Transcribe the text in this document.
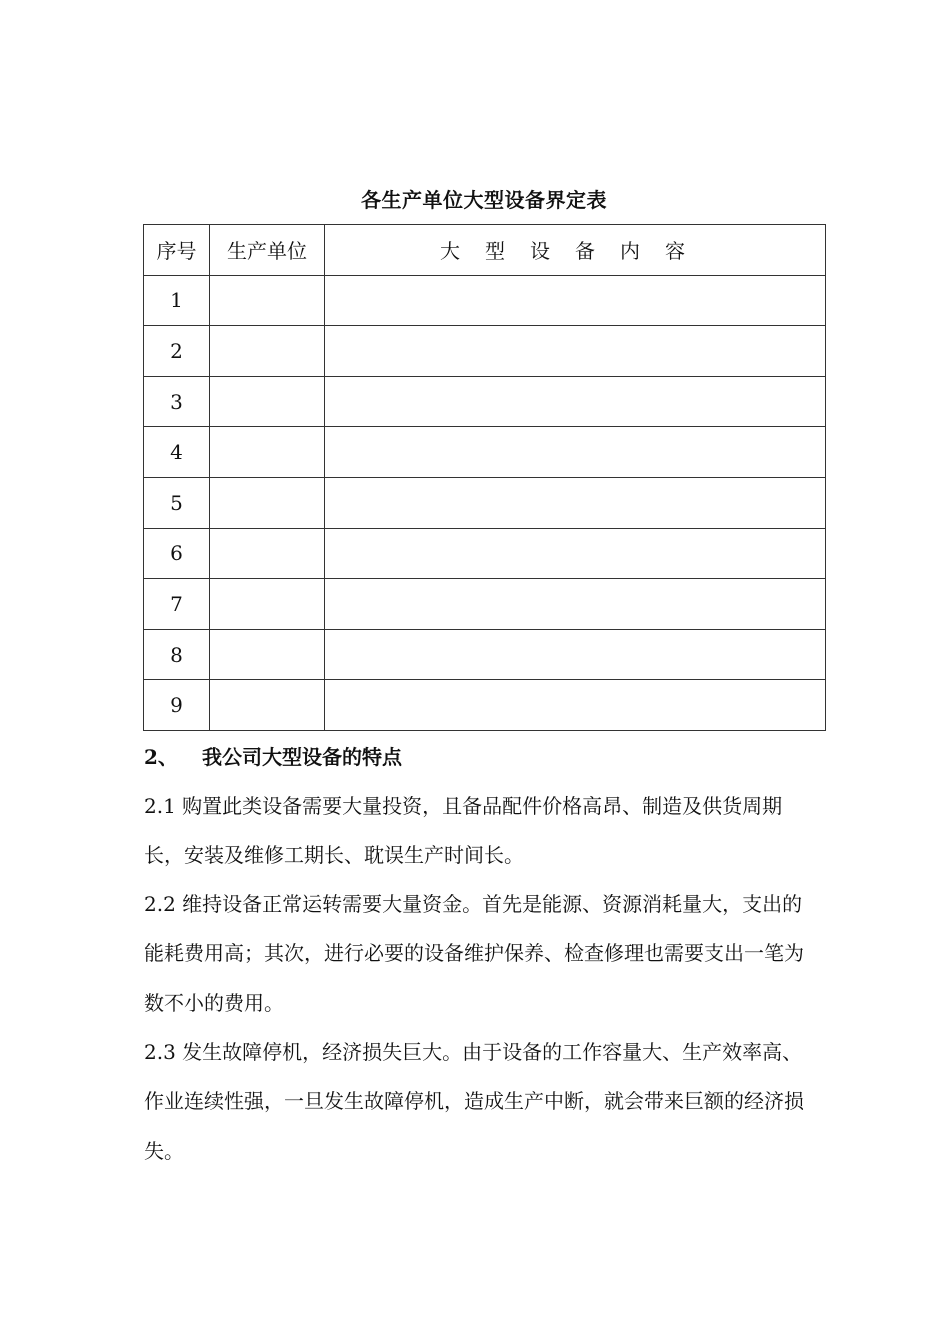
各生产单位大型设备界定表
序号	生产单位	大型设备内容
1		
2		
3		
4		
5		
6		
7		
8		
9		
2、 我公司大型设备的特点

2.1 购置此类设备需要大量投资，且备品配件价格高昂、制造及供货周期长，安装及维修工期长、耽误生产时间长。

2.2 维持设备正常运转需要大量资金。首先是能源、资源消耗量大，支出的能耗费用高；其次，进行必要的设备维护保养、检查修理也需要支出一笔为数不小的费用。

2.3 发生故障停机，经济损失巨大。由于设备的工作容量大、生产效率高、作业连续性强，一旦发生故障停机，造成生产中断，就会带来巨额的经济损失。
